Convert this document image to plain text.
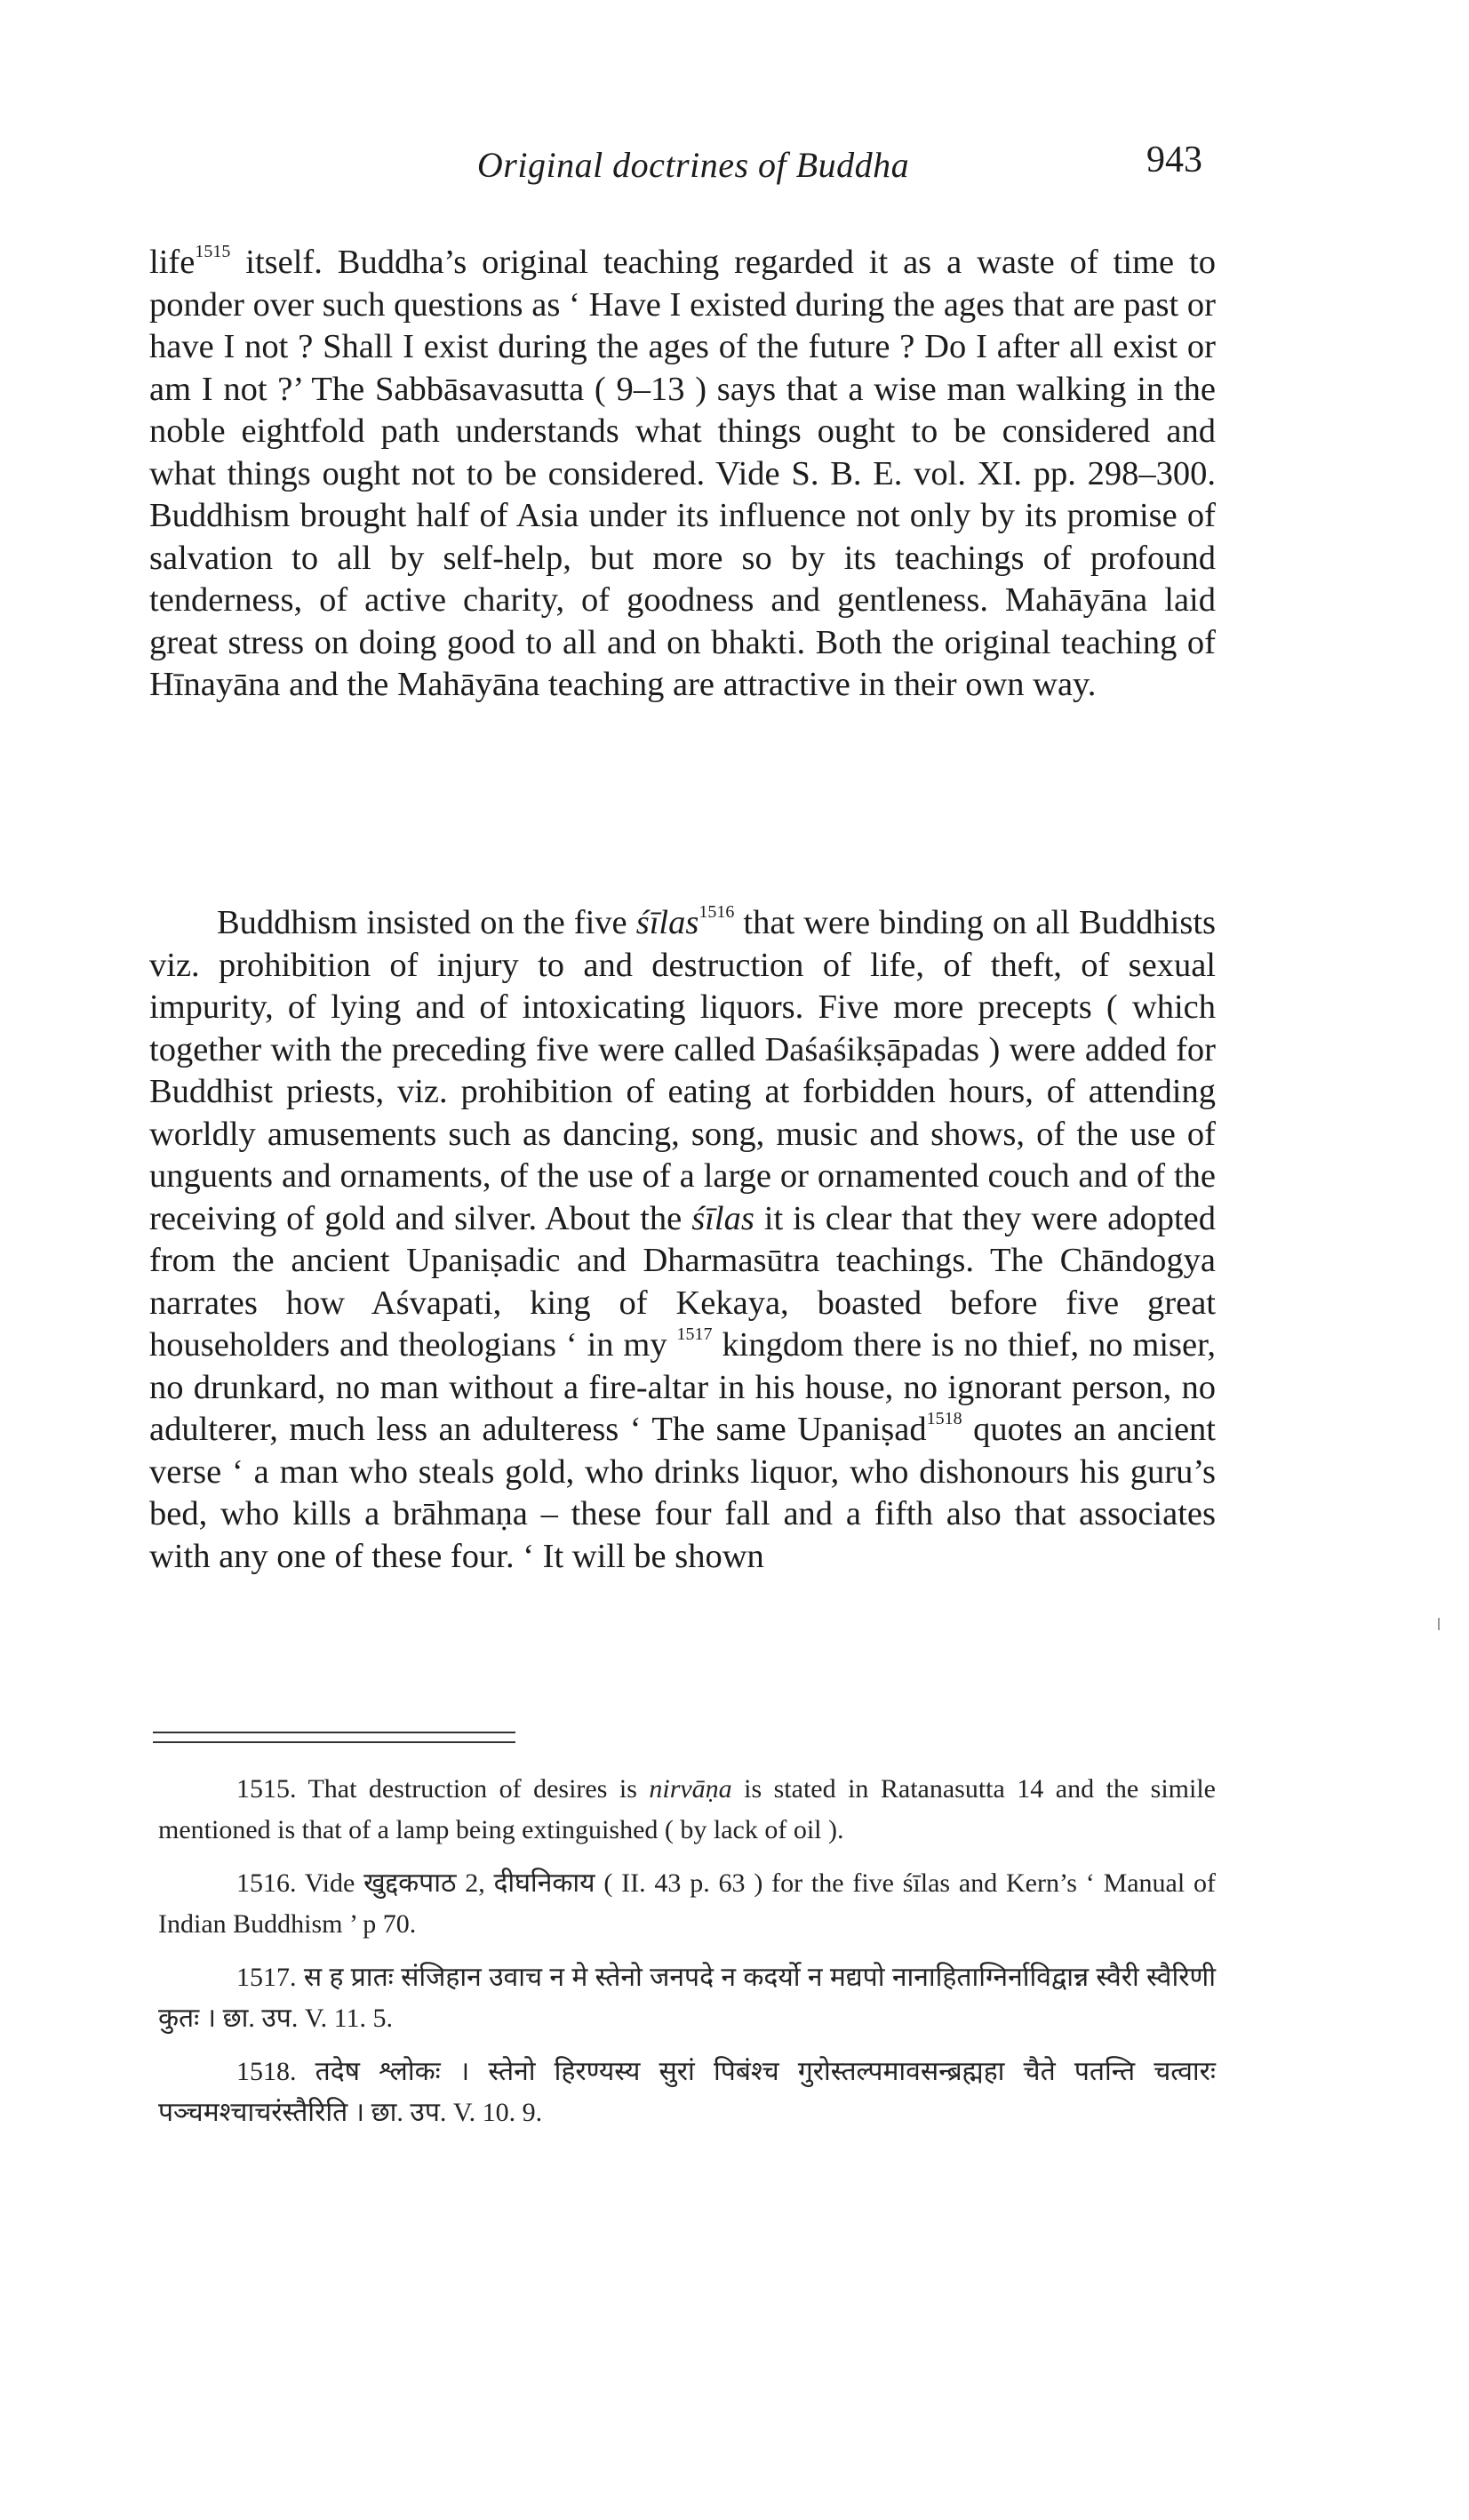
Original doctrines of Buddha	943

life$^{1515}$ itself. Buddha’s original teaching regarded it as a waste of time to ponder over such questions as ‘ Have I existed during the ages that are past or have I not ? Shall I exist during the ages of the future ? Do I after all exist or am I not ?’ The Sabbāsavasutta ( 9–13 ) says that a wise man walking in the noble eightfold path understands what things ought to be considered and what things ought not to be considered. Vide S. B. E. vol. XI. pp. 298–300. Buddhism brought half of Asia under its influence not only by its promise of salvation to all by self-help, but more so by its teachings of profound tenderness, of active charity, of goodness and gentleness. Mahāyāna laid great stress on doing good to all and on bhakti. Both the original teaching of Hīnayāna and the Mahāyāna teaching are attractive in their own way.

Buddhism insisted on the five śīlas$^{1516}$ that were binding on all Buddhists viz. prohibition of injury to and destruction of life, of theft, of sexual impurity, of lying and of intoxicating liquors. Five more precepts ( which together with the preceding five were called Daśaśikṣāpadas ) were added for Buddhist priests, viz. prohibition of eating at forbidden hours, of attending worldly amusements such as dancing, song, music and shows, of the use of unguents and ornaments, of the use of a large or ornamented couch and of the receiving of gold and silver. About the śīlas it is clear that they were adopted from the ancient Upaniṣadic and Dharmasūtra teachings. The Chāndogya narrates how Aśvapati, king of Kekaya, boasted before five great householders and theologians ‘ in my $^{1517}$ kingdom there is no thief, no miser, no drunkard, no man without a fire-altar in his house, no ignorant person, no adulterer, much less an adulteress ‘ The same Upaniṣad$^{1518}$ quotes an ancient verse ‘ a man who steals gold, who drinks liquor, who dishonours his guru’s bed, who kills a brāhmaṇa – these four fall and a fifth also that associates with any one of these four. ‘ It will be shown

1515. That destruction of desires is nirvāṇa is stated in Ratanasutta 14 and the simile mentioned is that of a lamp being extinguished ( by lack of oil ).

1516. Vide खुद्दकपाठ 2, दीघनिकाय ( II. 43 p. 63 ) for the five śīlas and Kern’s ‘ Manual of Indian Buddhism ’ p 70.

1517. स ह प्रातः संजिहान उवाच न मे स्तेनो जनपदे न कदर्यो न मद्यपो नानाहिताग्निर्नाविद्वान्न स्वैरी स्वैरिणी कुतः । छा. उप. V. 11. 5.

1518. तदेष श्लोकः । स्तेनो हिरण्यस्य सुरां पिबंश्च गुरोस्तल्पमावसन्ब्रह्महा चैते पतन्ति चत्वारः पञ्चमश्चाचरंस्तैरिति । छा. उप. V. 10. 9.
